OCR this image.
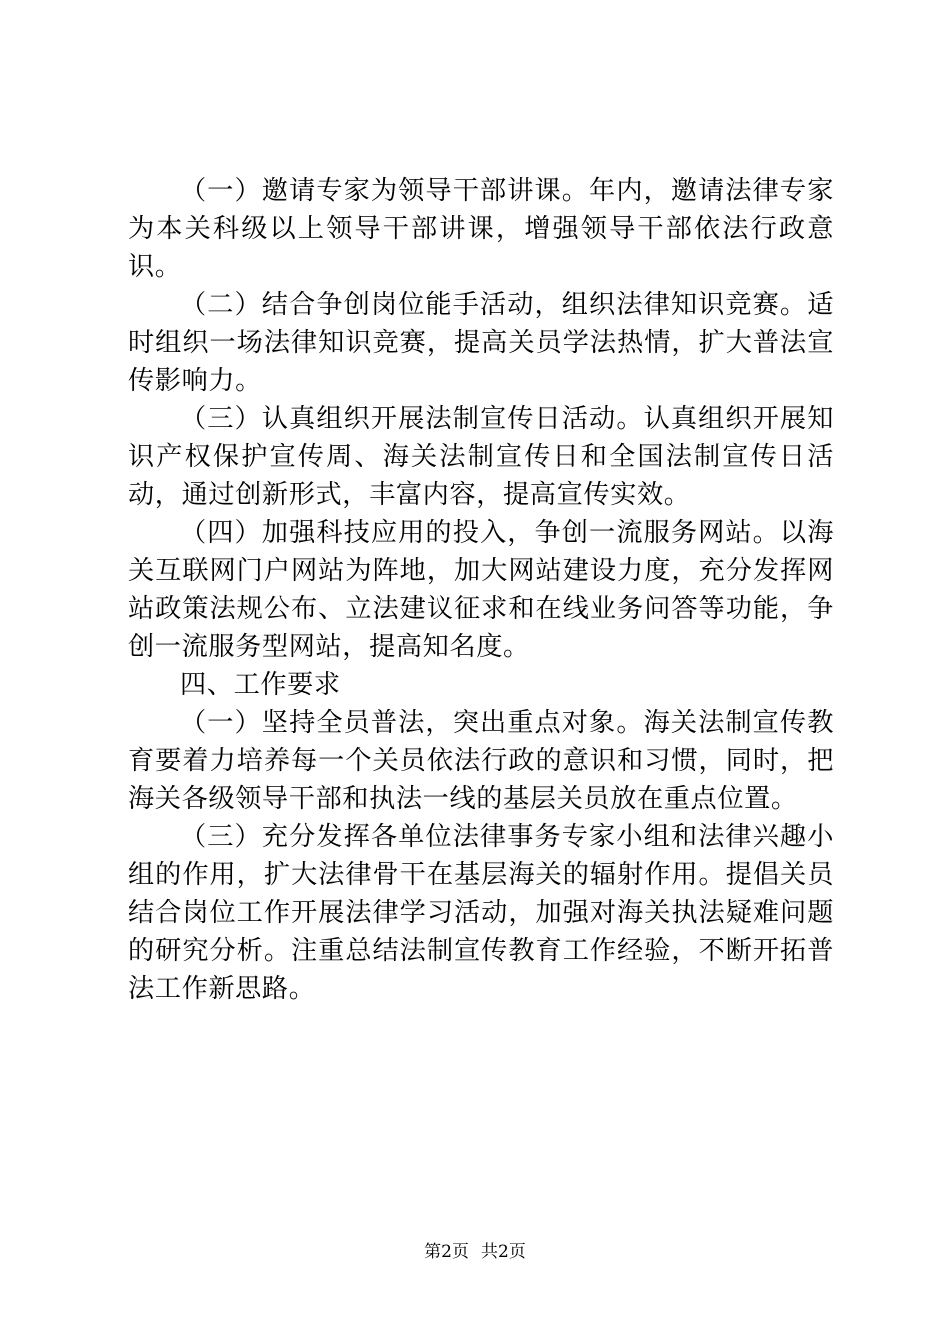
（一）邀请专家为领导干部讲课。年内，邀请法律专家为本关科级以上领导干部讲课，增强领导干部依法行政意识。

（二）结合争创岗位能手活动，组织法律知识竞赛。适时组织一场法律知识竞赛，提高关员学法热情，扩大普法宣传影响力。

（三）认真组织开展法制宣传日活动。认真组织开展知识产权保护宣传周、海关法制宣传日和全国法制宣传日活动，通过创新形式，丰富内容，提高宣传实效。

（四）加强科技应用的投入，争创一流服务网站。以海关互联网门户网站为阵地，加大网站建设力度，充分发挥网站政策法规公布、立法建议征求和在线业务问答等功能，争创一流服务型网站，提高知名度。

四、工作要求

（一）坚持全员普法，突出重点对象。海关法制宣传教育要着力培养每一个关员依法行政的意识和习惯，同时，把海关各级领导干部和执法一线的基层关员放在重点位置。

（三）充分发挥各单位法律事务专家小组和法律兴趣小组的作用，扩大法律骨干在基层海关的辐射作用。提倡关员结合岗位工作开展法律学习活动，加强对海关执法疑难问题的研究分析。注重总结法制宣传教育工作经验，不断开拓普法工作新思路。

第2页 共2页
